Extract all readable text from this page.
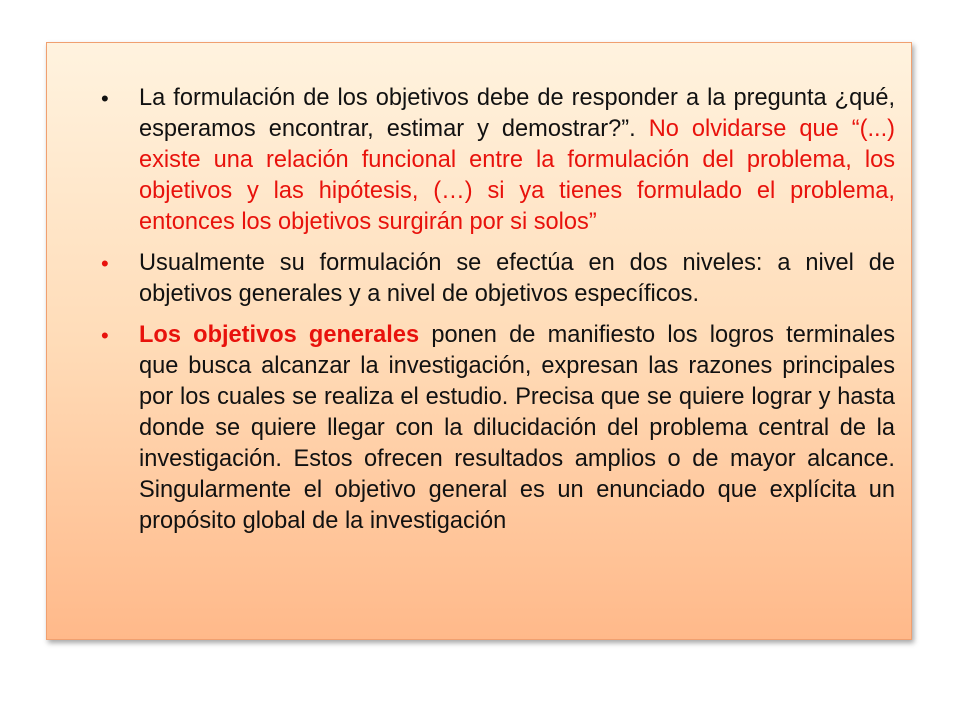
• La formulación de los objetivos debe de responder a la pregunta ¿qué, esperamos encontrar, estimar y demostrar?”. No olvidarse que “(...) existe una relación funcional entre la formulación del problema, los objetivos y las hipótesis, (…) si ya tienes formulado el problema, entonces los objetivos surgirán por si solos”
• Usualmente su formulación se efectúa en dos niveles: a nivel de objetivos generales y a nivel de objetivos específicos.
• Los objetivos generales ponen de manifiesto los logros terminales que busca alcanzar la investigación, expresan las razones principales por los cuales se realiza el estudio. Precisa que se quiere lograr y hasta donde se quiere llegar con la dilucidación del problema central de la investigación. Estos ofrecen resultados amplios o de mayor alcance. Singularmente el objetivo general es un enunciado que explícita un propósito global de la investigación
